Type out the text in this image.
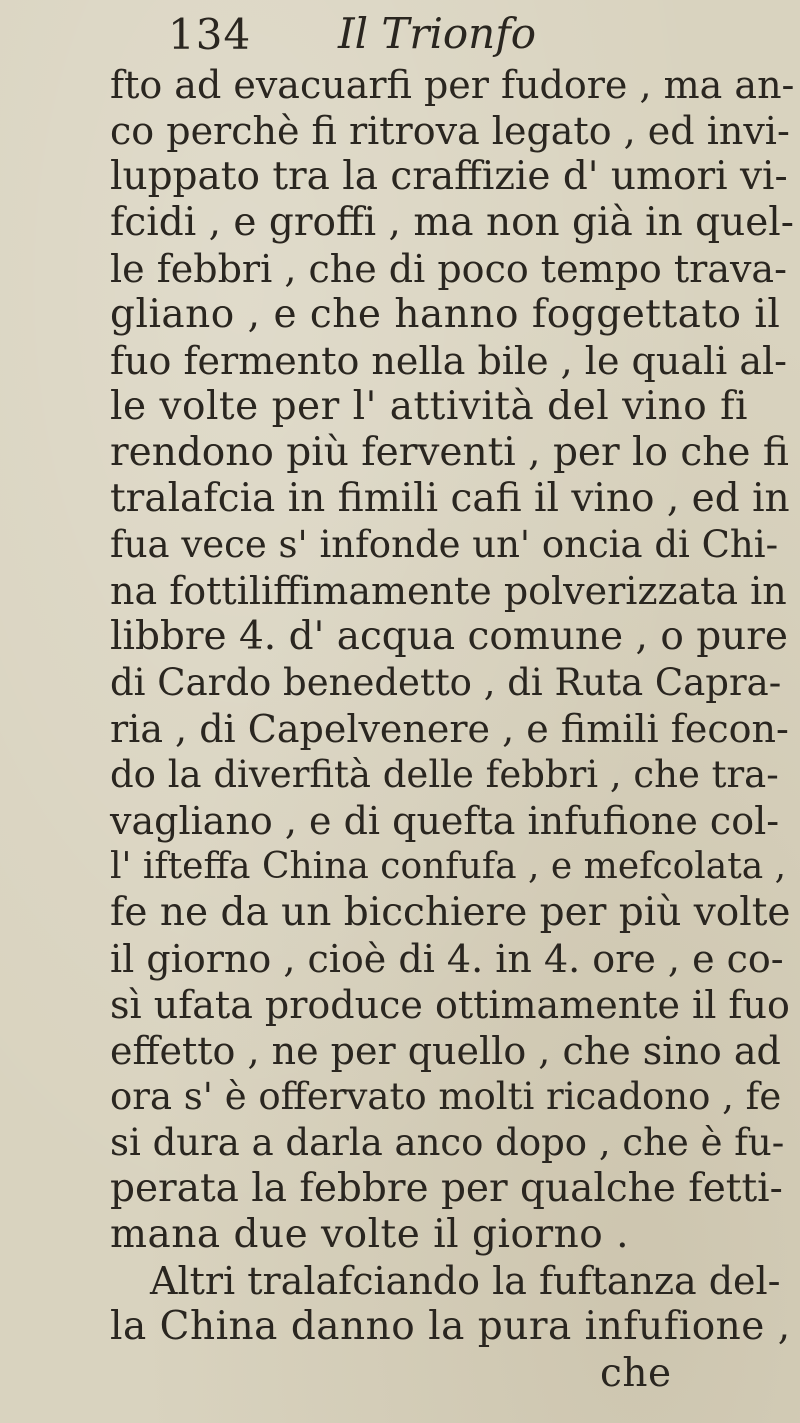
134 Il Trionfo
fto ad evacuarfi per fudore , ma an-
co perchè fi ritrova legato , ed invi-
luppato tra la craffizie d' umori vi-
fcidi , e groffi , ma non già in quel-
le febbri , che di poco tempo trava-
gliano , e che hanno foggettato il
fuo fermento nella bile , le quali al-
le volte per l' attività del vino fi
rendono più ferventi , per lo che fi
tralafcia in fimili cafi il vino , ed in
fua vece s' infonde un' oncia di Chi-
na fottiliffimamente polverizzata in
libbre 4. d' acqua comune , o pure
di Cardo benedetto , di Ruta Capra-
ria , di Capelvenere , e fimili fecon-
do la diverfità delle febbri , che tra-
vagliano , e di quefta infufione col-
l' ifteffa China confufa , e mefcolata ,
fe ne da un bicchiere per più volte
il giorno , cioè di 4. in 4. ore , e co-
sì ufata produce ottimamente il fuo
effetto , ne per quello , che sino ad
ora s' è offervato molti ricadono , fe
si dura a darla anco dopo , che è fu-
perata la febbre per qualche fetti-
mana due volte il giorno .
Altri tralafciando la fuftanza del-
la China danno la pura infufione ,
che
